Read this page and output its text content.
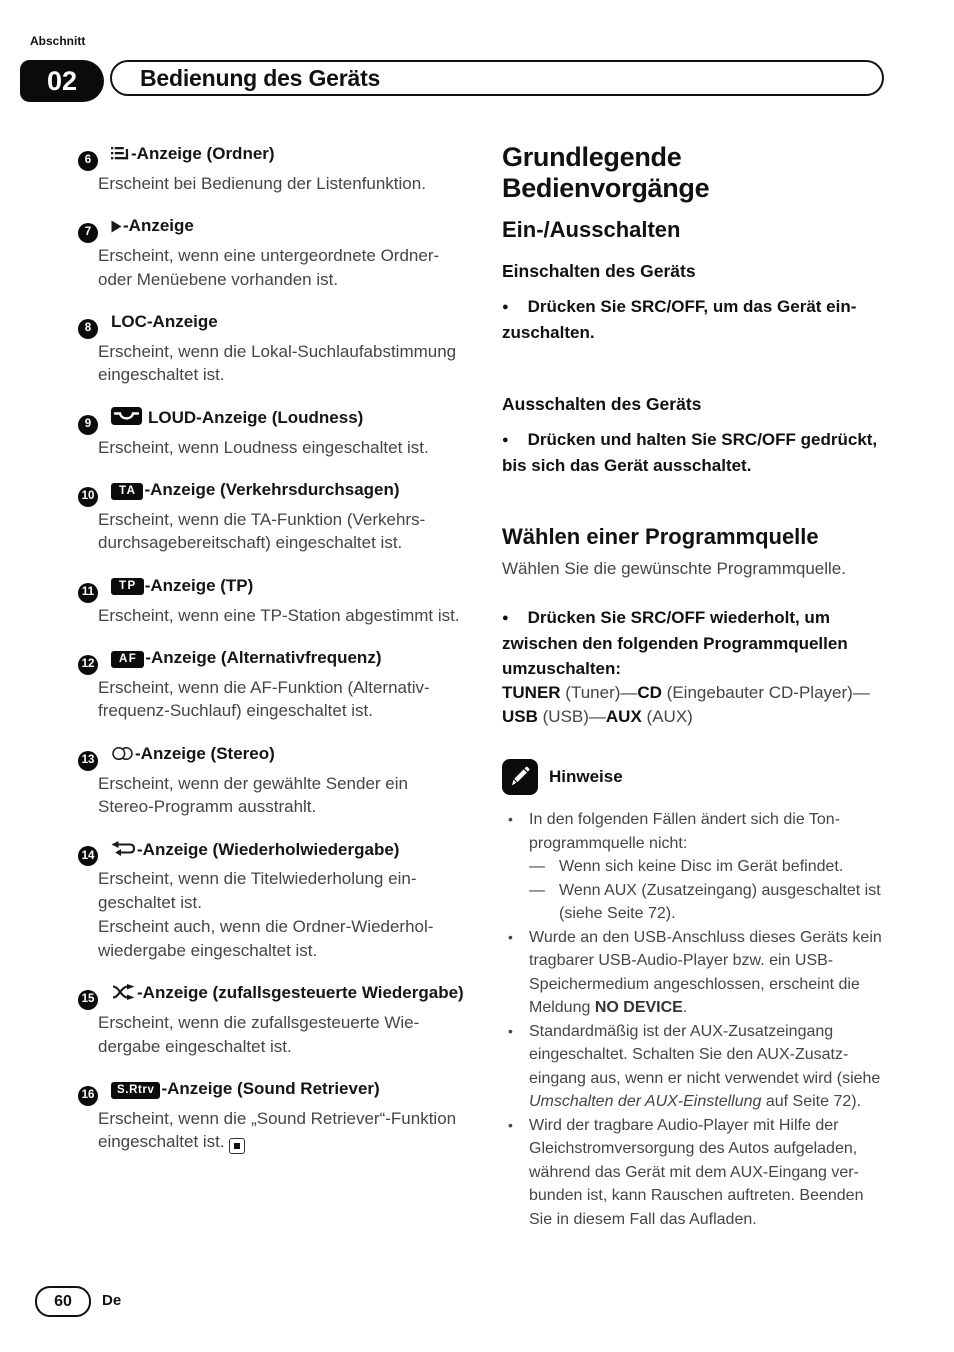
Abschnitt
02	Bedienung des Geräts

6 -Anzeige (Ordner)

Erscheint bei Bedienung der Listenfunktion.

7 -Anzeige

Erscheint, wenn eine untergeordnete Ordner- oder Menüebene vorhanden ist.

8 LOC-Anzeige

Erscheint, wenn die Lokal-Suchlaufabstimmung eingeschaltet ist.

9	LOUD-Anzeige (Loudness)

Erscheint, wenn Loudness eingeschaltet ist.

10 TA -Anzeige (Verkehrsdurchsagen)

Erscheint, wenn die TA-Funktion (Verkehrsdurchsagebereitschaft) eingeschaltet ist.

11 TP -Anzeige (TP)

Erscheint, wenn eine TP-Station abgestimmt ist.

12 AF -Anzeige (Alternativfrequenz)

Erscheint, wenn die AF-Funktion (Alternativfrequenz-Suchlauf) eingeschaltet ist.

13 -Anzeige (Stereo)

Erscheint, wenn der gewählte Sender ein Stereo-Programm ausstrahlt.

14	-Anzeige (Wiederholwiedergabe)

Erscheint, wenn die Titelwiederholung eingeschaltet ist.

Erscheint auch, wenn die Ordner-Wiederholwiedergabe eingeschaltet ist.

15	-Anzeige (zufallsgesteuerte Wiedergabe)

Erscheint, wenn die zufallsgesteuerte Wiedergabe eingeschaltet ist.

16 S.Rtrv -Anzeige (Sound Retriever)

Erscheint, wenn die „Sound Retriever“-Funktion eingeschaltet ist.

Grundlegende Bedienvorgänge
Ein-/Ausschalten
Einschalten des Geräts

● Drücken Sie SRC/OFF, um das Gerät einzuschalten.

Ausschalten des Geräts

● Drücken und halten Sie SRC/OFF gedrückt, bis sich das Gerät ausschaltet.

Wählen einer Programmquelle

Wählen Sie die gewünschte Programmquelle.

● Drücken Sie SRC/OFF wiederholt, um zwischen den folgenden Programmquellen umzuschalten:

TUNER (Tuner)—CD (Eingebauter CD-Player)—USB (USB)—AUX (AUX)

Hinweise
• In den folgenden Fällen ändert sich die Tonprogrammquelle nicht:
— Wenn sich keine Disc im Gerät befindet.
— Wenn AUX (Zusatzeingang) ausgeschaltet ist (siehe Seite 72).
• Wurde an den USB-Anschluss dieses Geräts kein tragbarer USB-Audio-Player bzw. ein USB-Speichermedium angeschlossen, erscheint die Meldung NO DEVICE.
• Standardmäßig ist der AUX-Zusatzeingang eingeschaltet. Schalten Sie den AUX-Zusatzeingang aus, wenn er nicht verwendet wird (siehe Umschalten der AUX-Einstellung auf Seite 72).
• Wird der tragbare Audio-Player mit Hilfe der Gleichstromversorgung des Autos aufgeladen, während das Gerät mit dem AUX-Eingang verbunden ist, kann Rauschen auftreten. Beenden Sie in diesem Fall das Aufladen.
60	De
